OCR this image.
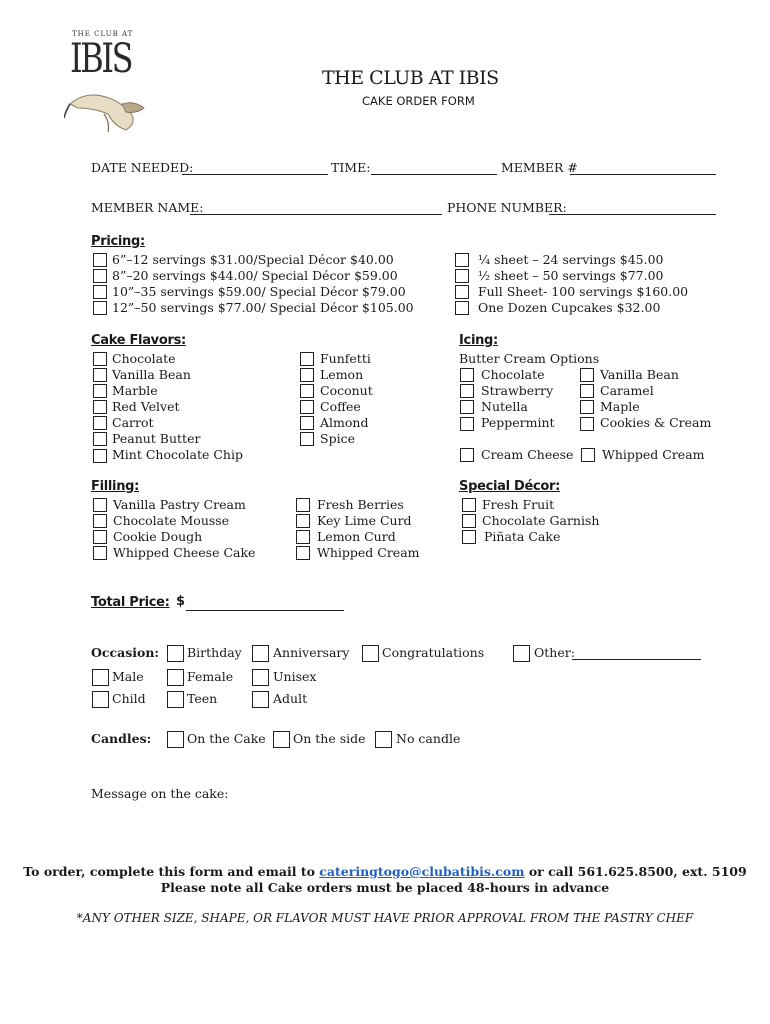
THE CLUB AT
IBIS	THE CLUB AT IBIS
CAKE ORDER FORM
DATE NEEDED:	TIME:	MEMBER #
MEMBER NAME:	PHONE NUMBER:
Pricing:
6”–12 servings $31.00/Special Décor $40.00
8”–20 servings $44.00/ Special Décor $59.00
10”–35 servings $59.00/ Special Décor $79.00
12”–50 servings $77.00/ Special Décor $105.00
¼ sheet – 24 servings $45.00
½ sheet – 50 servings $77.00
Full Sheet- 100 servings $160.00
One Dozen Cupcakes $32.00
Cake Flavors:
Chocolate
Vanilla Bean
Marble
Red Velvet
Carrot
Peanut Butter
Mint Chocolate Chip
Funfetti
Lemon
Coconut
Coffee
Almond
Spice
Icing:
Butter Cream Options
Chocolate
Strawberry
Nutella
Peppermint
Vanilla Bean
Caramel
Maple
Cookies & Cream
Cream Cheese Whipped Cream
Filling:
Vanilla Pastry Cream
Chocolate Mousse
Cookie Dough
Whipped Cheese Cake
Fresh Berries
Key Lime Curd
Lemon Curd
Whipped Cream
Special Décor:
Fresh Fruit
Chocolate Garnish
Piñata Cake
Total Price: $
Occasion: Birthday	Anniversary	Congratulations	Other:
Male	Female	Unisex
Child	Teen	Adult
Candles:	On the Cake On the side No candle
Message on the cake:
To order, complete this form and email to cateringtogo@clubatibis.com or call 561.625.8500, ext. 5109
Please note all Cake orders must be placed 48-hours in advance
*ANY OTHER SIZE, SHAPE, OR FLAVOR MUST HAVE PRIOR APPROVAL FROM THE PASTRY CHEF
